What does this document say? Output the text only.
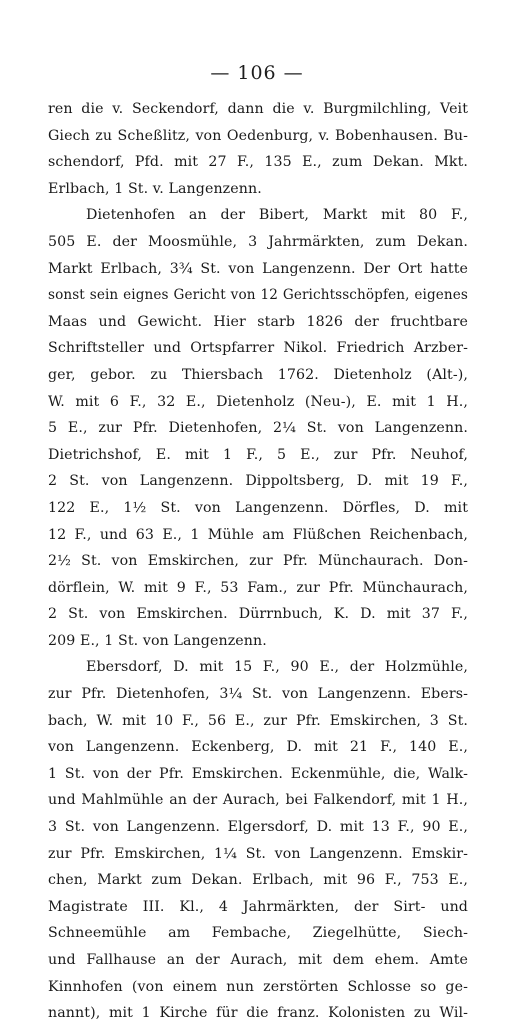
— 106 —
ren die v. Seckendorf, dann die v. Burgmilchling, Veit
Giech zu Scheßlitz, von Oedenburg, v. Bobenhausen. Bu-
schendorf, Pfd. mit 27 F., 135 E., zum Dekan. Mkt.
Erlbach, 1 St. v. Langenzenn.
Dietenhofen an der Bibert, Markt mit 80 F.,
505 E. der Moosmühle, 3 Jahrmärkten, zum Dekan.
Markt Erlbach, 3¾ St. von Langenzenn. Der Ort hatte
sonst sein eignes Gericht von 12 Gerichtsschöpfen, eigenes
Maas und Gewicht. Hier starb 1826 der fruchtbare
Schriftsteller und Ortspfarrer Nikol. Friedrich Arzber-
ger, gebor. zu Thiersbach 1762. Dietenholz (Alt-),
W. mit 6 F., 32 E., Dietenholz (Neu-), E. mit 1 H.,
5 E., zur Pfr. Dietenhofen, 2¼ St. von Langenzenn.
Dietrichshof, E. mit 1 F., 5 E., zur Pfr. Neuhof,
2 St. von Langenzenn. Dippoltsberg, D. mit 19 F.,
122 E., 1½ St. von Langenzenn. Dörfles, D. mit
12 F., und 63 E., 1 Mühle am Flüßchen Reichenbach,
2½ St. von Emskirchen, zur Pfr. Münchaurach. Don-
dörflein, W. mit 9 F., 53 Fam., zur Pfr. Münchaurach,
2 St. von Emskirchen. Dürrnbuch, K. D. mit 37 F.,
209 E., 1 St. von Langenzenn.
Ebersdorf, D. mit 15 F., 90 E., der Holzmühle,
zur Pfr. Dietenhofen, 3¼ St. von Langenzenn. Ebers-
bach, W. mit 10 F., 56 E., zur Pfr. Emskirchen, 3 St.
von Langenzenn. Eckenberg, D. mit 21 F., 140 E.,
1 St. von der Pfr. Emskirchen. Eckenmühle, die, Walk-
und Mahlmühle an der Aurach, bei Falkendorf, mit 1 H.,
3 St. von Langenzenn. Elgersdorf, D. mit 13 F., 90 E.,
zur Pfr. Emskirchen, 1¼ St. von Langenzenn. Emskir-
chen, Markt zum Dekan. Erlbach, mit 96 F., 753 E.,
Magistrate III. Kl., 4 Jahrmärkten, der Sirt- und
Schneemühle am Fembache, Ziegelhütte, Siech-
und Fallhause an der Aurach, mit dem ehem. Amte
Kinnhofen (von einem nun zerstörten Schlosse so ge-
nannt), mit 1 Kirche für die franz. Kolonisten zu Wil-
